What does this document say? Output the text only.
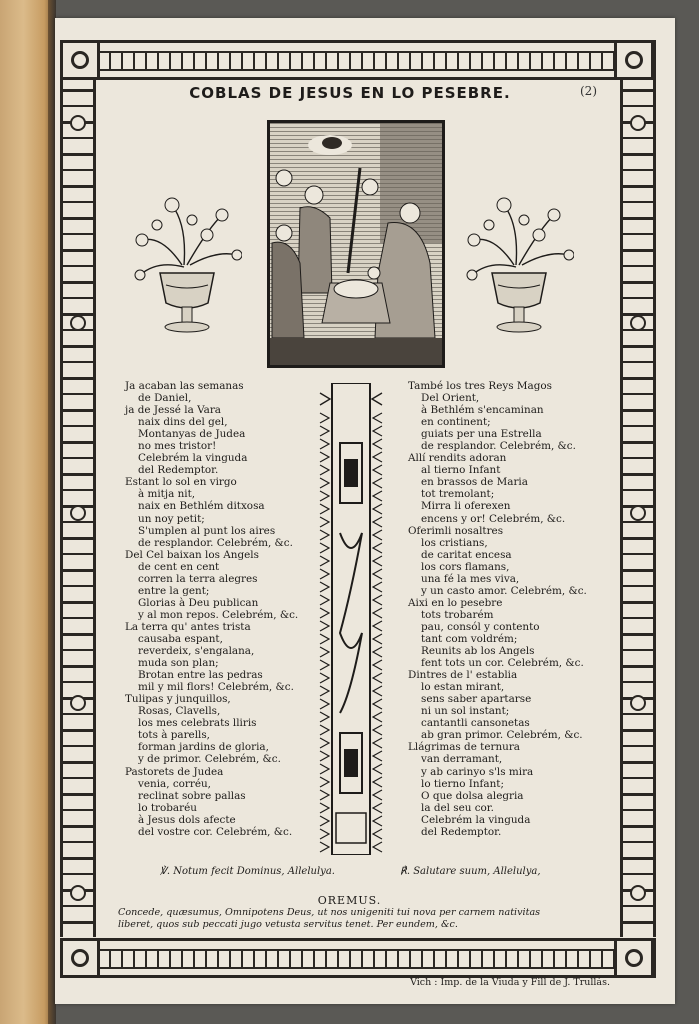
COBLAS DE JESUS EN LO PESEBRE.	(2)
Ja acaban las semanas
de Daniel,
ja de Jessé la Vara
naix dins del gel,
Montanyas de Judea
no mes tristor!
Celebrém la vinguda
del Redemptor.
Estant lo sol en virgo
à mitja nit,
naix en Bethlém ditxosa
un noy petit;
S'umplen al punt los aires
de resplandor. Celebrém, &c.
Del Cel baixan los Angels
de cent en cent
corren la terra alegres
entre la gent;
Glorias à Deu publican
y al mon repos. Celebrém, &c.
La terra qu' antes trista
causaba espant,
reverdeix, s'engalana,
muda son plan;
Brotan entre las pedras
mil y mil flors! Celebrém, &c.
Tulipas y junquillos,
Rosas, Clavells,
los mes celebrats lliris
tots à parells,
forman jardins de gloria,
y de primor. Celebrém, &c.
Pastorets de Judea
venia, corréu,
reclinat sobre pallas
lo trobaréu
à Jesus dols afecte
del vostre cor. Celebrém, &c.
També los tres Reys Magos
Del Orient,
à Bethlém s'encaminan
en continent;
guiats per una Estrella
de resplandor. Celebrém, &c.
Allí rendits adoran
al tierno Infant
en brassos de Maria
tot tremolant;
Mirra li oferexen
encens y or! Celebrém, &c.
Oferimli nosaltres
los cristians,
de caritat encesa
los cors flamans,
una fé la mes viva,
y un casto amor. Celebrém, &c.
Aixi en lo pesebre
tots trobarém
pau, consól y contento
tant com voldrém;
Reunits ab los Angels
fent tots un cor. Celebrém, &c.
Dintres de l' establia
lo estan mirant,
sens saber apartarse
ni un sol instant;
cantantli cansonetas
ab gran primor. Celebrém, &c.
Llágrimas de ternura
van derramant,
y ab carinyo s'ls mira
lo tierno Infant;
O que dolsa alegria
la del seu cor.
Celebrém la vinguda
del Redemptor.
℣. Notum fecit Dominus, Allelulya.	℟. Salutare suum, Allelulya,
OREMUS.
Concede, quæsumus, Omnipotens Deus, ut nos unigeniti tui nova per carnem nativitas liberet, quos sub peccati jugo vetusta servitus tenet. Per eundem, &c.
Vich : Imp. de la Viuda y Fill de J. Trullás.
